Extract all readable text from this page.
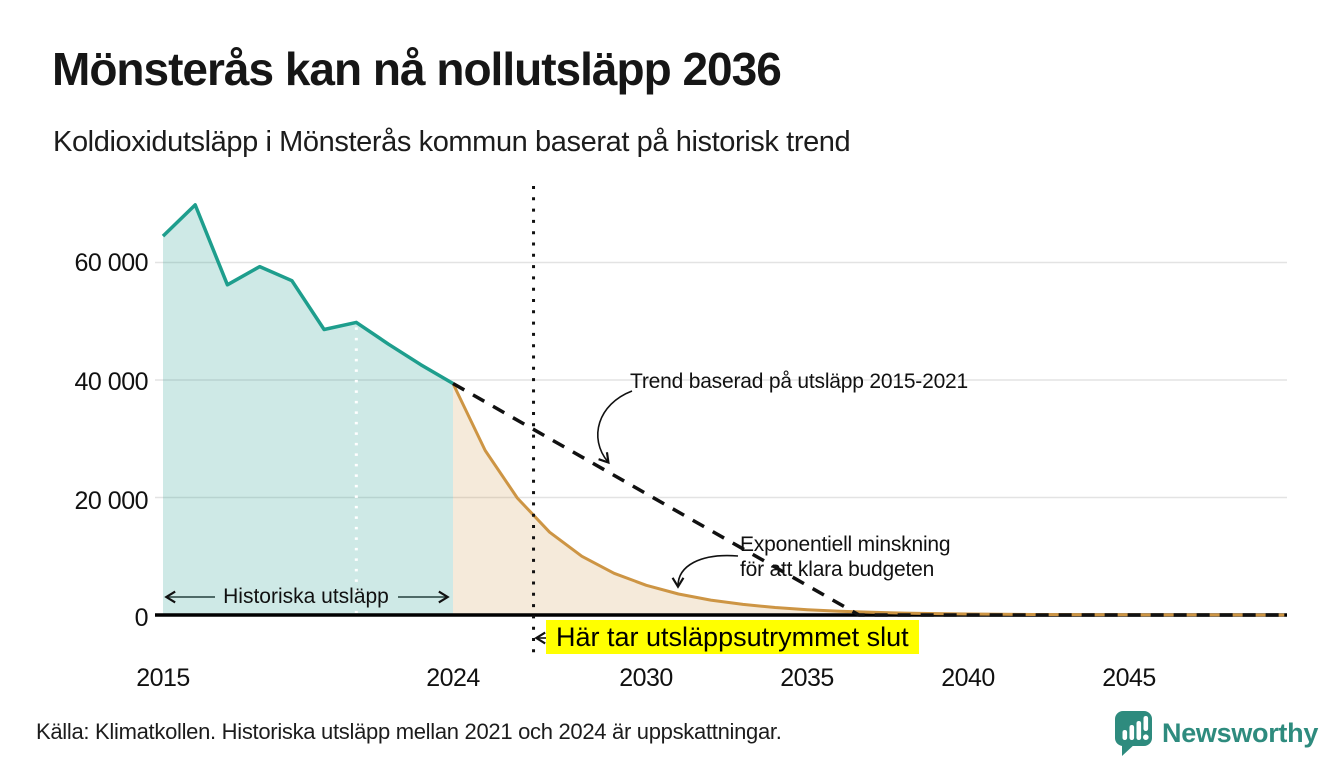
Mönsterås kan nå nollutsläpp 2036
Koldioxidutsläpp i Mönsterås kommun baserat på historisk trend
0
20 000
40 000
60 000
2015	2024	2030	2035	2040	2045
Trend baserad på utsläpp 2015-2021
Exponentiell minskning
för att klara budgeten
Historiska utsläpp
Här tar utsläppsutrymmet slut
Källa: Klimatkollen. Historiska utsläpp mellan 2021 och 2024 är uppskattningar.	Newsworthy
